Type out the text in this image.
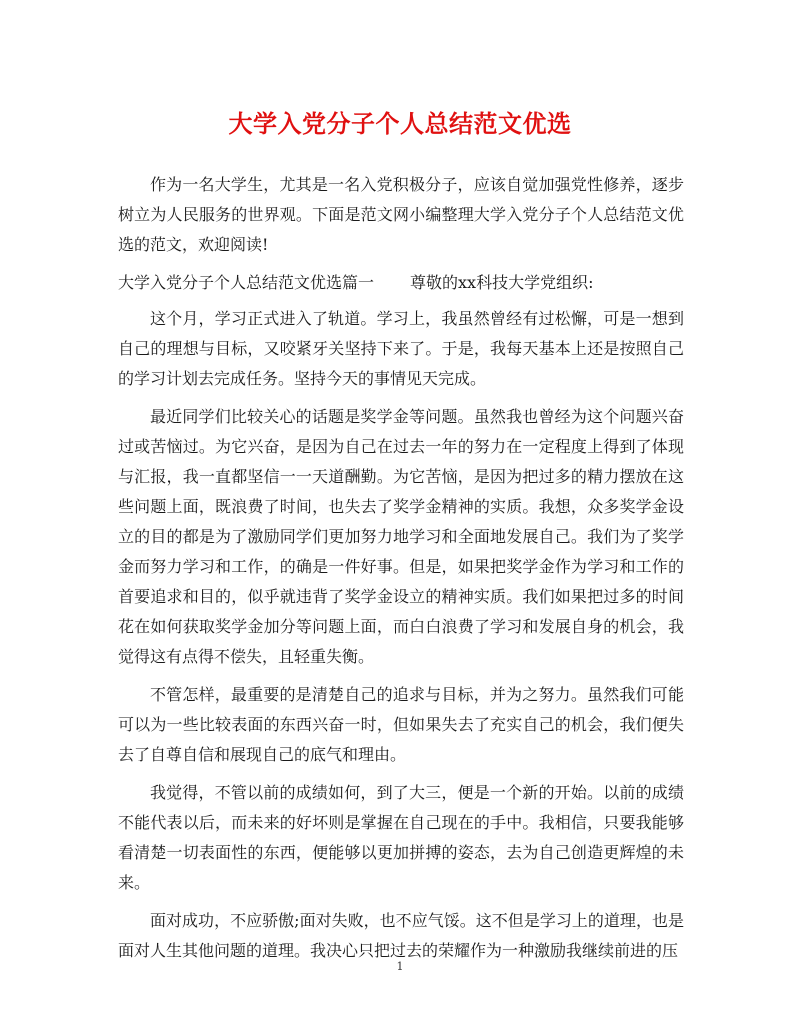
大学入党分子个人总结范文优选

作为一名大学生，尤其是一名入党积极分子，应该自觉加强党性修养，逐步树立为人民服务的世界观。下面是范文网小编整理大学入党分子个人总结范文优选的范文，欢迎阅读!

大学入党分子个人总结范文优选篇一 尊敬的xx科技大学党组织:

这个月，学习正式进入了轨道。学习上，我虽然曾经有过松懈，可是一想到自己的理想与目标，又咬紧牙关坚持下来了。于是，我每天基本上还是按照自己的学习计划去完成任务。坚持今天的事情见天完成。

最近同学们比较关心的话题是奖学金等问题。虽然我也曾经为这个问题兴奋过或苦恼过。为它兴奋，是因为自己在过去一年的努力在一定程度上得到了体现与汇报，我一直都坚信一一天道酬勤。为它苦恼，是因为把过多的精力摆放在这些问题上面，既浪费了时间，也失去了奖学金精神的实质。我想，众多奖学金设立的目的都是为了激励同学们更加努力地学习和全面地发展自己。我们为了奖学金而努力学习和工作，的确是一件好事。但是，如果把奖学金作为学习和工作的首要追求和目的，似乎就违背了奖学金设立的精神实质。我们如果把过多的时间花在如何获取奖学金加分等问题上面，而白白浪费了学习和发展自身的机会，我觉得这有点得不偿失，且轻重失衡。

不管怎样，最重要的是清楚自己的追求与目标，并为之努力。虽然我们可能可以为一些比较表面的东西兴奋一时，但如果失去了充实自己的机会，我们便失去了自尊自信和展现自己的底气和理由。

我觉得，不管以前的成绩如何，到了大三，便是一个新的开始。以前的成绩不能代表以后，而未来的好坏则是掌握在自己现在的手中。我相信，只要我能够看清楚一切表面性的东西，便能够以更加拼搏的姿态，去为自己创造更辉煌的未来。

面对成功，不应骄傲;面对失败，也不应气馁。这不但是学习上的道理，也是面对人生其他问题的道理。我决心只把过去的荣耀作为一种激励我继续前进的压

1
